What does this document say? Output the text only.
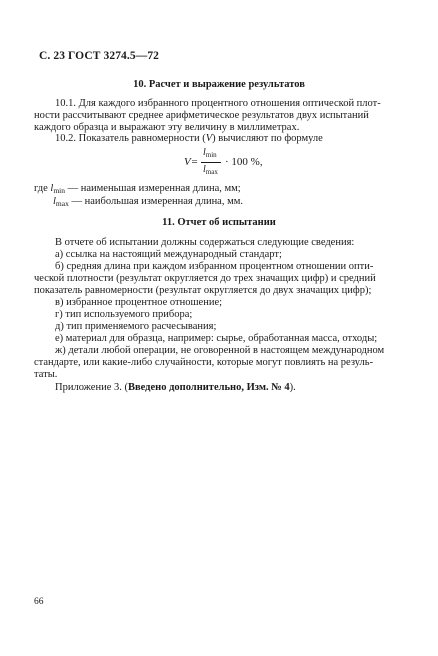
С. 23 ГОСТ 3274.5—72
10. Расчет и выражение результатов
10.1. Для каждого избранного процентного отношения оптической плот-
ности рассчитывают среднее арифметическое результатов двух испытаний
каждого образца и выражают эту величину в миллиметрах.
10.2. Показатель равномерности (V) вычисляют по формуле
V=
$l_{min}$
$l_{max}$
· 100 %,
где $l_{min}$ — наименьшая измеренная длина, мм;
$l_{max}$ — наибольшая измеренная длина, мм.
11. Отчет об испытании
В отчете об испытании должны содержаться следующие сведения:
а) ссылка на настоящий международный стандарт;
б) средняя длина при каждом избранном процентном отношении опти-
ческой плотности (результат округляется до трех значащих цифр) и средний
показатель равномерности (результат округляется до двух значащих цифр);
в) избранное процентное отношение;
г) тип используемого прибора;
д) тип применяемого расчесывания;
е) материал для образца, например: сырье, обработанная масса, отходы;
ж) детали любой операции, не оговоренной в настоящем международном
стандарте, или какие-либо случайности, которые могут повлиять на резуль-
таты.
Приложение 3. (Введено дополнительно, Изм. № 4).
66
